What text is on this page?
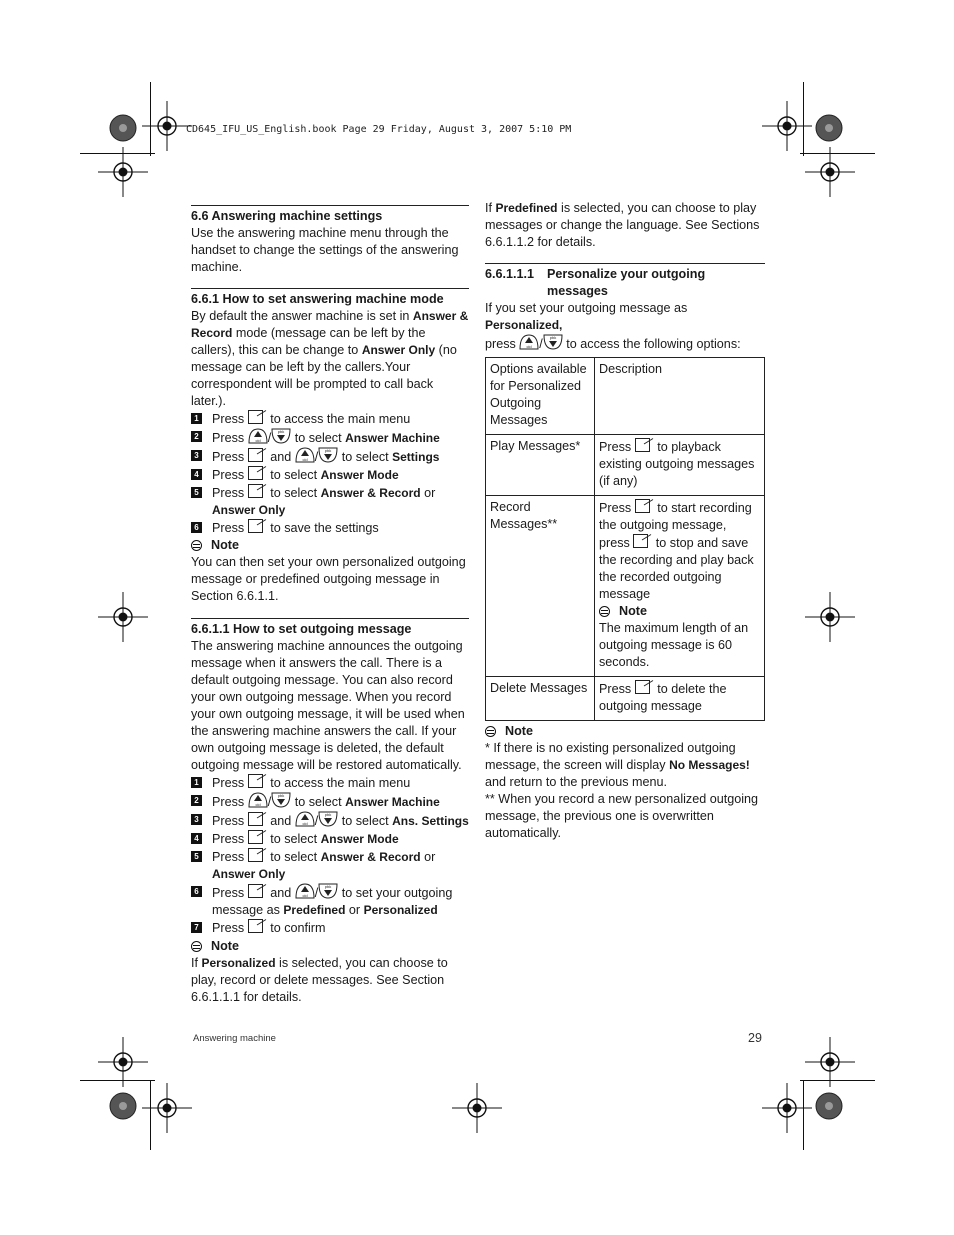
CD645_IFU_US_English.book Page 29 Friday, August 3, 2007 5:10 PM
6.6 Answering machine settings

Use the answering machine menu through the handset to change the settings of the answering machine.

6.6.1 How to set answering machine mode

By default the answer machine is set in Answer & Record mode (message can be left by the callers), this can be change to Answer Only (no message can be left by the callers.Your correspondent will be prompted to call back later.).

1 Press  to access the main menu
2 Press cid / pbk to select Answer Machine
3 Press  and cid / pbk to select Settings
4 Press  to select Answer Mode
5 Press  to select Answer & Record or Answer Only
6 Press  to save the settings
Note

You can then set your own personalized outgoing message or predefined outgoing message in Section 6.6.1.1.

6.6.1.1 How to set outgoing message

The answering machine announces the outgoing message when it answers the call. There is a default outgoing message. You can also record your own outgoing message. When you record your own outgoing message, it will be used when the answering machine answers the call. If your own outgoing message is deleted, the default outgoing message will be restored automatically.

1 Press  to access the main menu
2 Press cid / pbk to select Answer Machine
3 Press  and cid / pbk to select Ans. Settings
4 Press  to select Answer Mode
5 Press  to select Answer & Record or Answer Only
6 Press  and cid / pbk to set your outgoing message as Predefined or Personalized
7 Press  to confirm
Note

If Personalized is selected, you can choose to play, record or delete messages. See Section 6.6.1.1.1 for details.

If Predefined is selected, you can choose to play messages or change the language. See Sections 6.6.1.1.2 for details.

6.6.1.1.1	Personalize your outgoing
messages

If you set your outgoing message as Personalized,
press	cid / pbk to access the following options:

Options available for Personalized Outgoing Messages	Description
Play Messages*	Press to playback existing outgoing messages (if any)
Record Messages**	Press to start recording the outgoing message, press to stop and save the recording and play back the recorded outgoing message
Note
The maximum length of an outgoing message is 60 seconds.
Delete Messages	Press to delete the outgoing message
Note

* If there is no existing personalized outgoing message, the screen will display No Messages! and return to the previous menu.

** When you record a new personalized outgoing message, the previous one is overwritten automatically.

Answering machine	29
